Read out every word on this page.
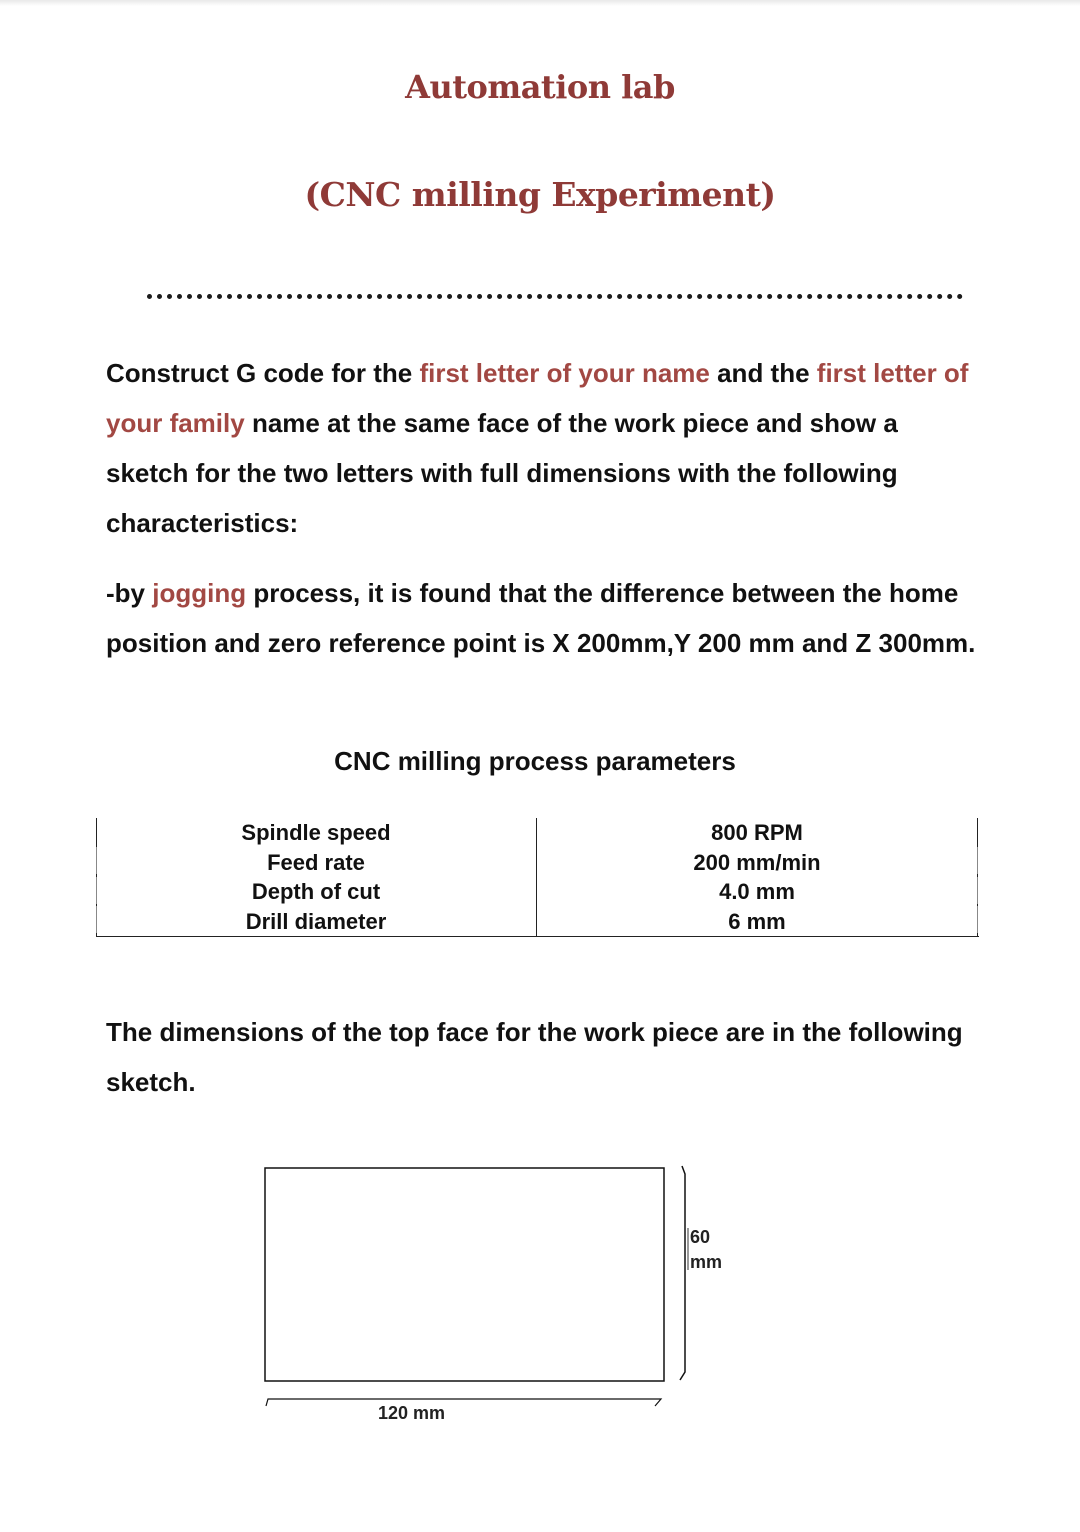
Automation lab
(CNC milling Experiment)

Construct G code for the first letter of your name and the first letter of your family name at the same face of the work piece and show a sketch for the two letters with full dimensions with the following characteristics:

-by jogging process, it is found that the difference between the home position and zero reference point is X 200mm,Y 200 mm and Z 300mm.

CNC milling process parameters
Spindle speed
Feed rate
Depth of cut
Drill diameter
800 RPM
200 mm/min
4.0 mm
6 mm

The dimensions of the top face for the work piece are in the following sketch.

60
mm
120 mm
